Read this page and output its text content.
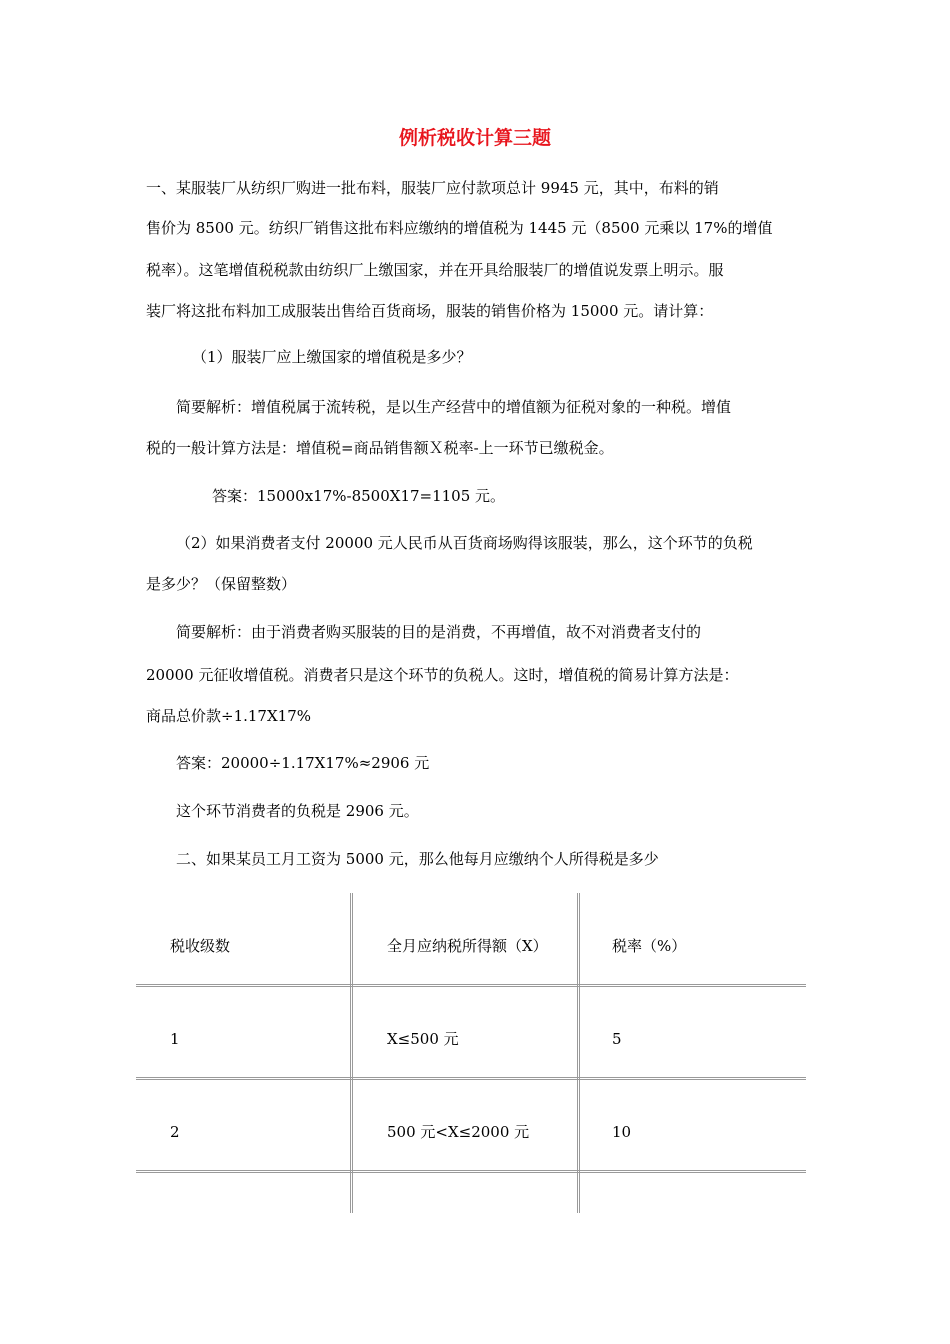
例析税收计算三题
一、某服装厂从纺织厂购进一批布料，服装厂应付款项总计 9945 元，其中，布料的销
售价为 8500 元。纺织厂销售这批布料应缴纳的增值税为 1445 元（8500 元乘以 17%的增值
税率）。这笔增值税税款由纺织厂上缴国家，并在开具给服装厂的增值说发票上明示。服
装厂将这批布料加工成服装出售给百货商场，服装的销售价格为 15000 元。请计算：
（1）服装厂应上缴国家的增值税是多少？
简要解析：增值税属于流转税，是以生产经营中的增值额为征税对象的一种税。增值
税的一般计算方法是：增值税=商品销售额Ｘ税率-上一环节已缴税金。
答案：15000x17%-8500X17=1105 元。
（2）如果消费者支付 20000 元人民币从百货商场购得该服装，那么，这个环节的负税
是多少？（保留整数）
简要解析：由于消费者购买服装的目的是消费，不再增值，故不对消费者支付的
20000 元征收增值税。消费者只是这个环节的负税人。这时，增值税的简易计算方法是：
商品总价款÷1.17X17%
答案：20000÷1.17X17%≈2906 元
这个环节消费者的负税是 2906 元。
二、如果某员工月工资为 5000 元，那么他每月应缴纳个人所得税是多少
税收级数	全月应纳税所得额（X）	税率（%）
1	X≤500 元	5
2	500 元<X≤2000 元	10
